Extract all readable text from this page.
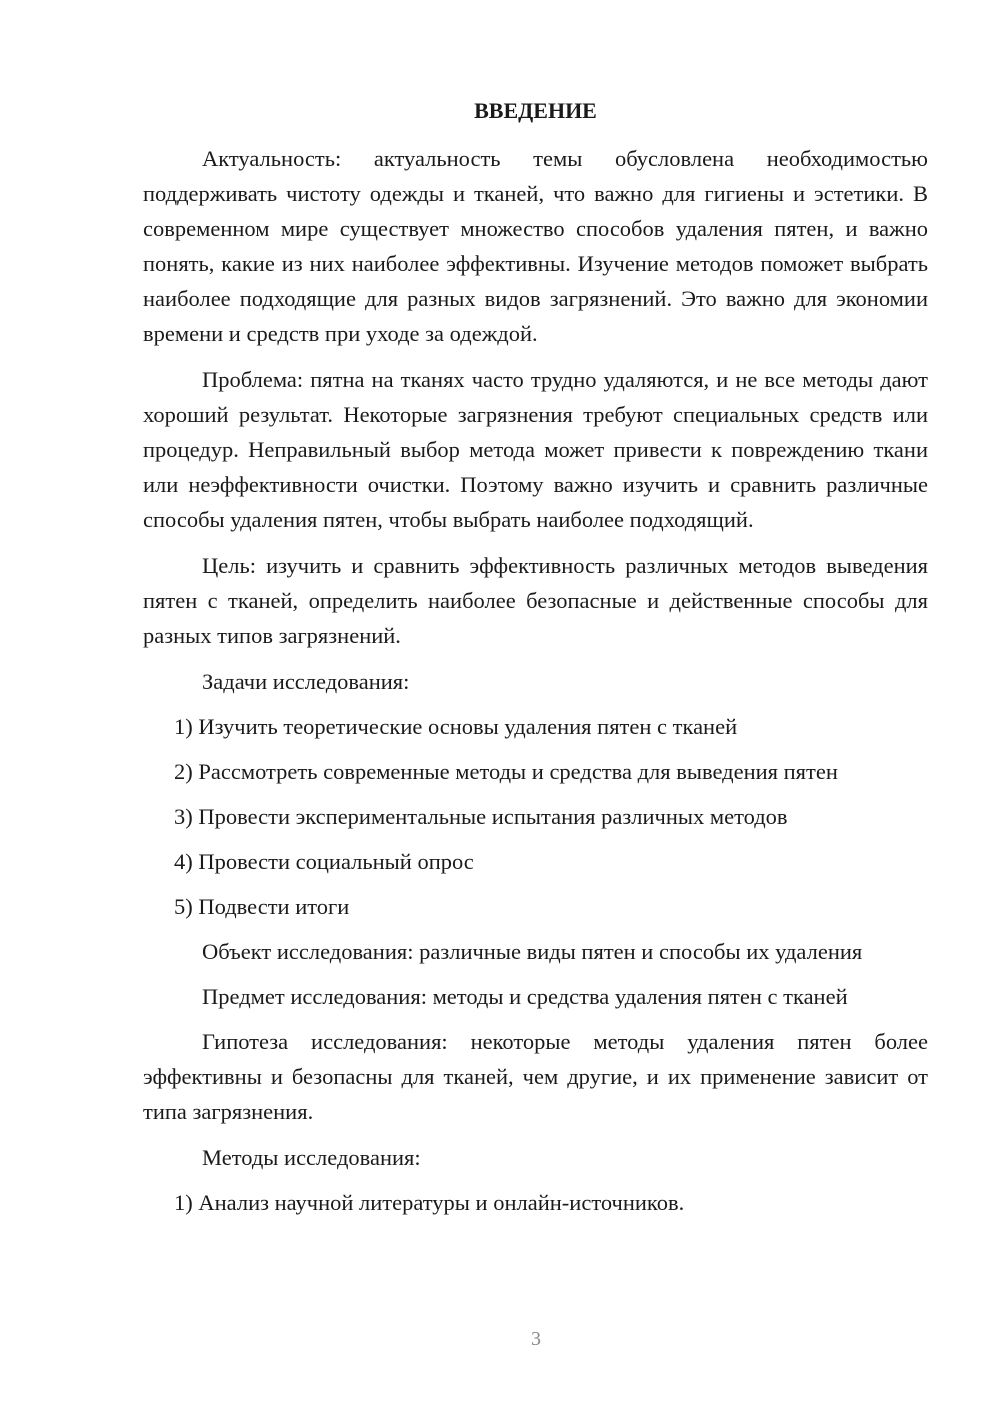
ВВЕДЕНИЕ

Актуальность: актуальность темы обусловлена необходимостью поддерживать чистоту одежды и тканей, что важно для гигиены и эстетики. В современном мире существует множество способов удаления пятен, и важно понять, какие из них наиболее эффективны. Изучение методов поможет выбрать наиболее подходящие для разных видов загрязнений. Это важно для экономии времени и средств при уходе за одеждой.

Проблема: пятна на тканях часто трудно удаляются, и не все методы дают хороший результат. Некоторые загрязнения требуют специальных средств или процедур. Неправильный выбор метода может привести к повреждению ткани или неэффективности очистки. Поэтому важно изучить и сравнить различные способы удаления пятен, чтобы выбрать наиболее подходящий.

Цель: изучить и сравнить эффективность различных методов выведения пятен с тканей, определить наиболее безопасные и действенные способы для разных типов загрязнений.

Задачи исследования:

1) Изучить теоретические основы удаления пятен с тканей

2) Рассмотреть современные методы и средства для выведения пятен

3) Провести экспериментальные испытания различных методов

4) Провести социальный опрос

5) Подвести итоги

Объект исследования: различные виды пятен и способы их удаления

Предмет исследования: методы и средства удаления пятен с тканей

Гипотеза исследования: некоторые методы удаления пятен более эффективны и безопасны для тканей, чем другие, и их применение зависит от типа загрязнения.

Методы исследования:

1) Анализ научной литературы и онлайн-источников.

3
